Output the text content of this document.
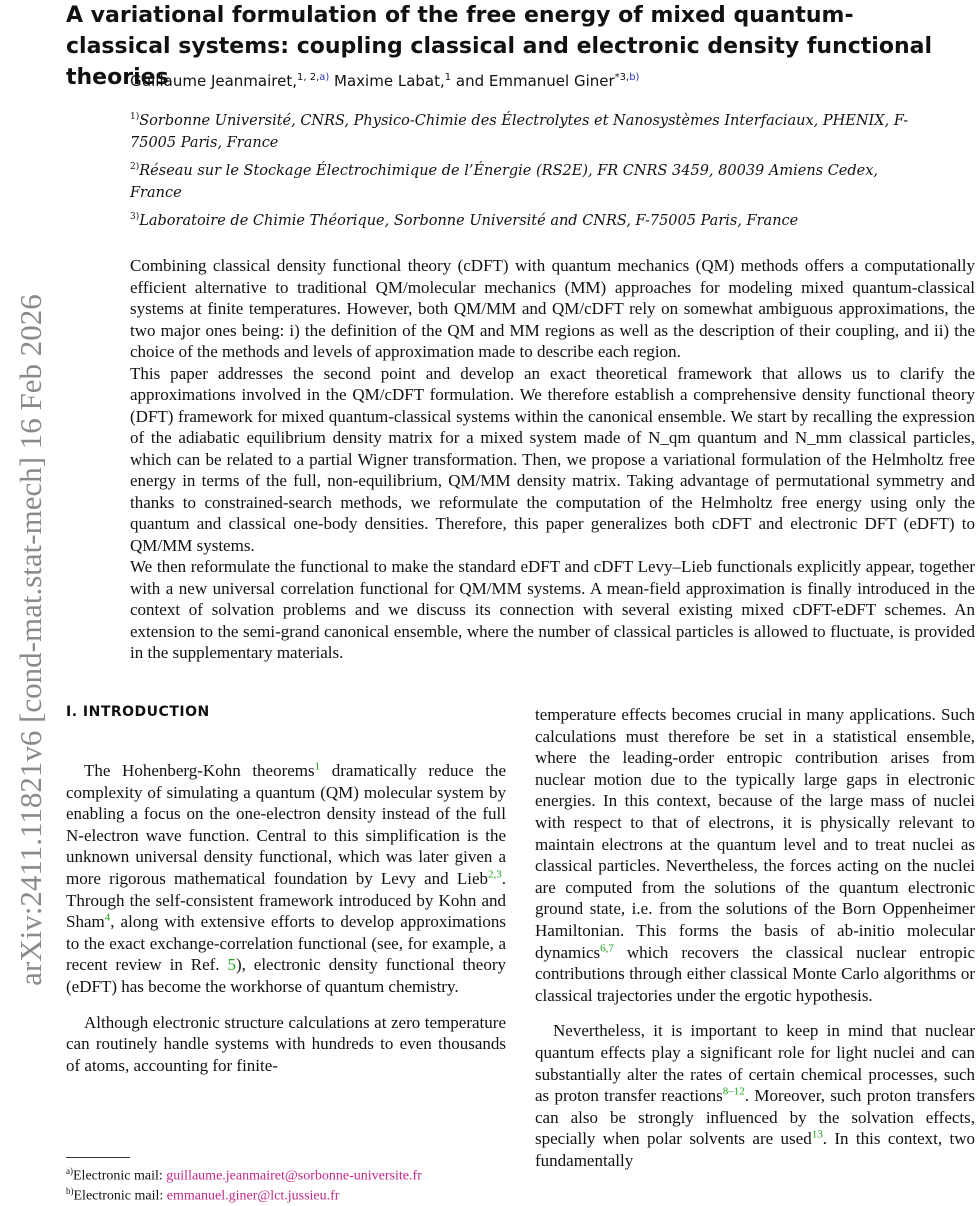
arXiv:2411.11821v6 [cond-mat.stat-mech] 16 Feb 2026
A variational formulation of the free energy of mixed quantum-classical systems: coupling classical and electronic density functional theories
Guillaume Jeanmairet,$^{1, 2,a)}$ Maxime Labat,$^1$ and Emmanuel Giner$^{*3,b)}$
$^{1)}$Sorbonne Université, CNRS, Physico-Chimie des Électrolytes et Nanosystèmes Interfaciaux, PHENIX, F-75005 Paris, France
$^{2)}$Réseau sur le Stockage Électrochimique de l’Énergie (RS2E), FR CNRS 3459, 80039 Amiens Cedex, France
$^{3)}$Laboratoire de Chimie Théorique, Sorbonne Université and CNRS, F-75005 Paris, France

Combining classical density functional theory (cDFT) with quantum mechanics (QM) methods offers a computationally efficient alternative to traditional QM/molecular mechanics (MM) approaches for modeling mixed quantum-classical systems at finite temperatures. However, both QM/MM and QM/cDFT rely on somewhat ambiguous approximations, the two major ones being: i) the definition of the QM and MM regions as well as the description of their coupling, and ii) the choice of the methods and levels of approximation made to describe each region.

This paper addresses the second point and develop an exact theoretical framework that allows us to clarify the approximations involved in the QM/cDFT formulation. We therefore establish a comprehensive density functional theory (DFT) framework for mixed quantum-classical systems within the canonical ensemble. We start by recalling the expression of the adiabatic equilibrium density matrix for a mixed system made of N_qm quantum and N_mm classical particles, which can be related to a partial Wigner transformation. Then, we propose a variational formulation of the Helmholtz free energy in terms of the full, non-equilibrium, QM/MM density matrix. Taking advantage of permutational symmetry and thanks to constrained-search methods, we reformulate the computation of the Helmholtz free energy using only the quantum and classical one-body densities. Therefore, this paper generalizes both cDFT and electronic DFT (eDFT) to QM/MM systems.

We then reformulate the functional to make the standard eDFT and cDFT Levy–Lieb functionals explicitly appear, together with a new universal correlation functional for QM/MM systems. A mean-field approximation is finally introduced in the context of solvation problems and we discuss its connection with several existing mixed cDFT-eDFT schemes. An extension to the semi-grand canonical ensemble, where the number of classical particles is allowed to fluctuate, is provided in the supplementary materials.

I. INTRODUCTION

The Hohenberg-Kohn theorems$^1$ dramatically reduce the complexity of simulating a quantum (QM) molecular system by enabling a focus on the one-electron density instead of the full N-electron wave function. Central to this simplification is the unknown universal density functional, which was later given a more rigorous mathematical foundation by Levy and Lieb$^{2,3}$. Through the self-consistent framework introduced by Kohn and Sham$^4$, along with extensive efforts to develop approximations to the exact exchange-correlation functional (see, for example, a recent review in Ref. 5), electronic density functional theory (eDFT) has become the workhorse of quantum chemistry.

Although electronic structure calculations at zero temperature can routinely handle systems with hundreds to even thousands of atoms, accounting for finite-

temperature effects becomes crucial in many applications. Such calculations must therefore be set in a statistical ensemble, where the leading-order entropic contribution arises from nuclear motion due to the typically large gaps in electronic energies. In this context, because of the large mass of nuclei with respect to that of electrons, it is physically relevant to maintain electrons at the quantum level and to treat nuclei as classical particles. Nevertheless, the forces acting on the nuclei are computed from the solutions of the quantum electronic ground state, i.e. from the solutions of the Born Oppenheimer Hamiltonian. This forms the basis of ab-initio molecular dynamics$^{6,7}$ which recovers the classical nuclear entropic contributions through either classical Monte Carlo algorithms or classical trajectories under the ergotic hypothesis.

Nevertheless, it is important to keep in mind that nuclear quantum effects play a significant role for light nuclei and can substantially alter the rates of certain chemical processes, such as proton transfer reactions$^{8-12}$. Moreover, such proton transfers can also be strongly influenced by the solvation effects, specially when polar solvents are used$^{13}$. In this context, two fundamentally

$^{a)}$Electronic mail: guillaume.jeanmairet@sorbonne-universite.fr
$^{b)}$Electronic mail: emmanuel.giner@lct.jussieu.fr
